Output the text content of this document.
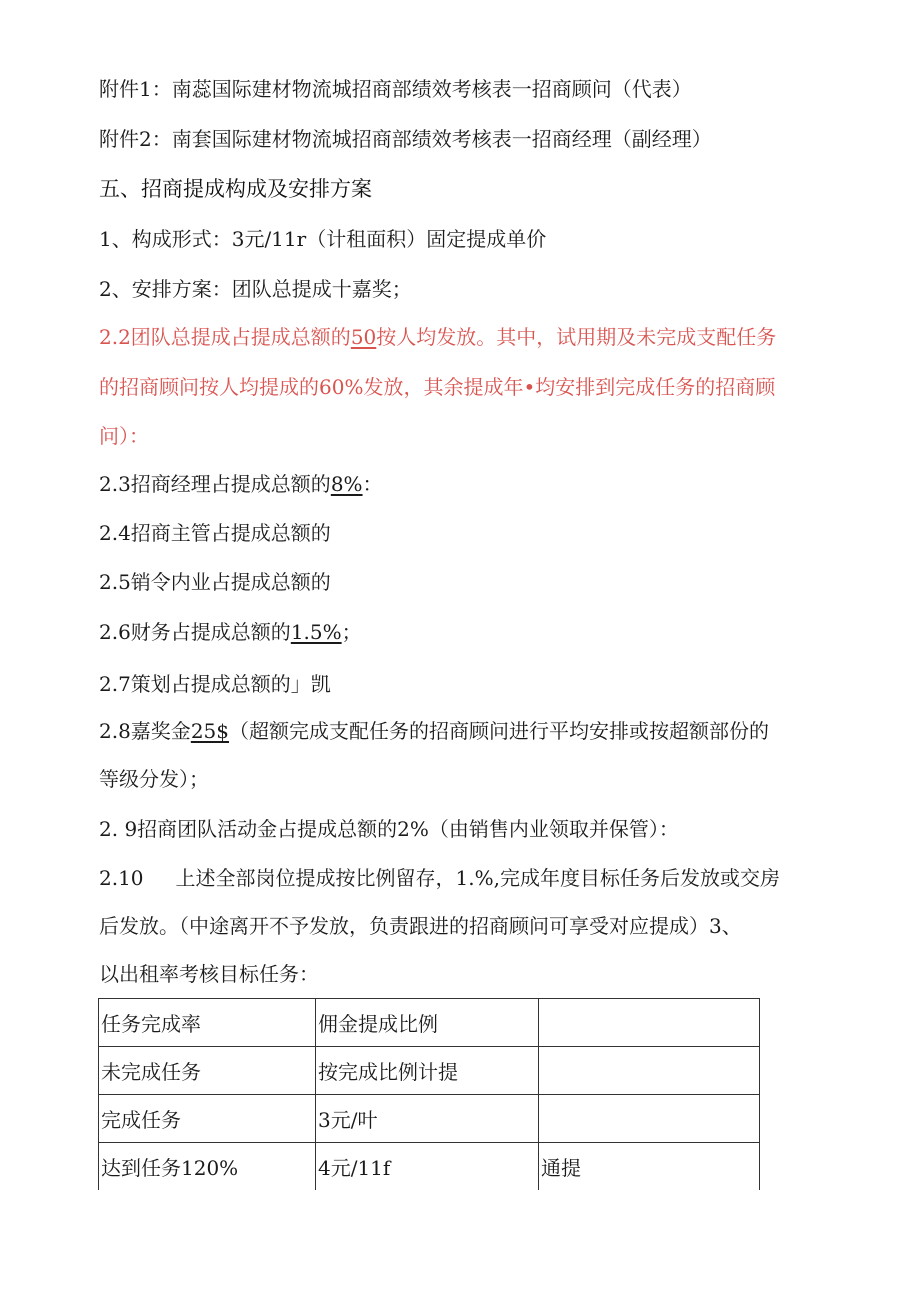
附件1：南蕊国际建材物流城招商部绩效考核表一招商顾问（代表）
附件2：南套国际建材物流城招商部绩效考核表一招商经理（副经理）
五、招商提成构成及安排方案
1、构成形式：3元/11r（计租面积）固定提成单价
2、安排方案：团队总提成十嘉奖；
2.2团队总提成占提成总额的50按人均发放。其中，试用期及未完成支配任务
的招商顾问按人均提成的60%发放，其余提成年•均安排到完成任务的招商顾
问）：
2.3招商经理占提成总额的8%：
2.4招商主管占提成总额的
2.5销令内业占提成总额的
2.6财务占提成总额的1.5%；
2.7策划占提成总额的」凯
2.8嘉奖金25$（超额完成支配任务的招商顾问进行平均安排或按超额部份的
等级分发）；
2. 9招商团队活动金占提成总额的2%（由销售内业领取并保管）：
2.10 上述全部岗位提成按比例留存，1.%,完成年度目标任务后发放或交房
后发放。（中途离开不予发放，负责跟进的招商顾问可享受对应提成）3、
以出租率考核目标任务：
任务完成率	佣金提成比例	
未完成任务	按完成比例计提	
完成任务	3元/叶	
达到任务120%	4元/11f	通提
